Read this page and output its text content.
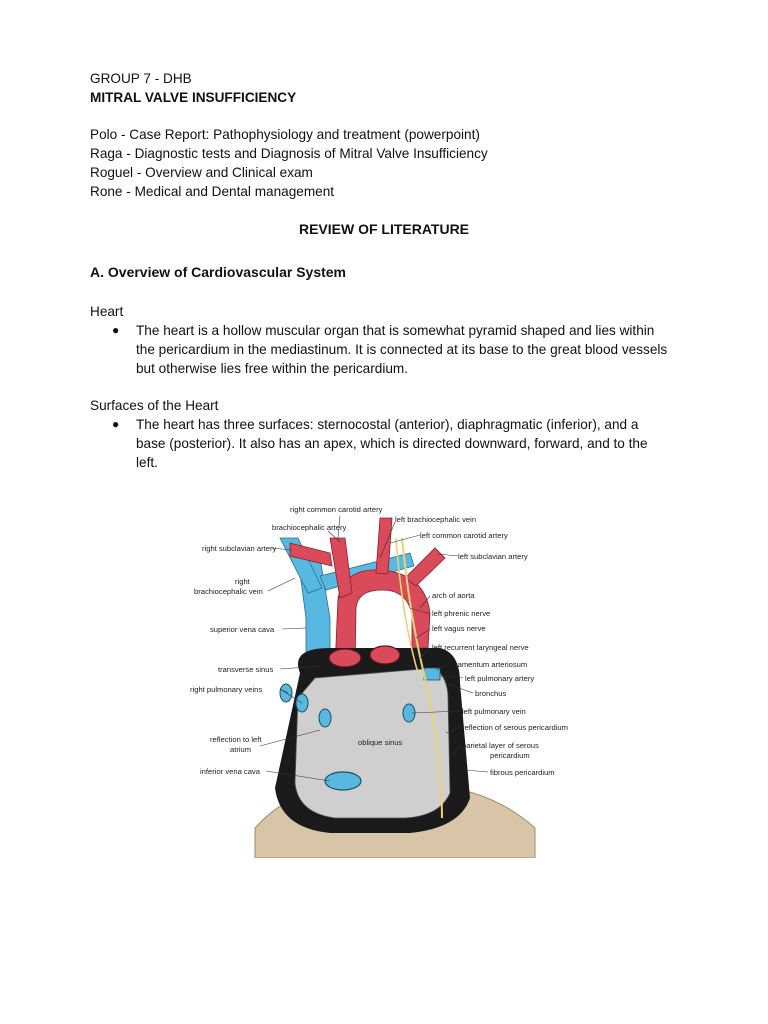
GROUP 7 - DHB
MITRAL VALVE INSUFFICIENCY
Polo - Case Report: Pathophysiology and treatment (powerpoint)
Raga - Diagnostic tests and Diagnosis of Mitral Valve Insufficiency
Roguel - Overview and Clinical exam
Rone - Medical and Dental management
REVIEW OF LITERATURE
A. Overview of Cardiovascular System
Heart
● The heart is a hollow muscular organ that is somewhat pyramid shaped and lies within
the pericardium in the mediastinum. It is connected at its base to the great blood vessels
but otherwise lies free within the pericardium.
Surfaces of the Heart
● The heart has three surfaces: sternocostal (anterior), diaphragmatic (inferior), and a
base (posterior). It also has an apex, which is directed downward, forward, and to the
left.
right common carotid artery
brachiocephalic artery
right subclavian artery
right
brachiocephalic vein
superior vena cava
transverse sinus
right pulmonary veins
reflection to left
atrium
inferior vena cava
left brachiocephalic vein
left common carotid artery
left subclavian artery
arch of aorta
left phrenic nerve
left vagus nerve
left recurrent laryngeal nerve
ligamentum arteriosum
left pulmonary artery
bronchus
left pulmonary vein
reflection of serous pericardium
parietal layer of serous
pericardium
fibrous pericardium
oblique sinus
